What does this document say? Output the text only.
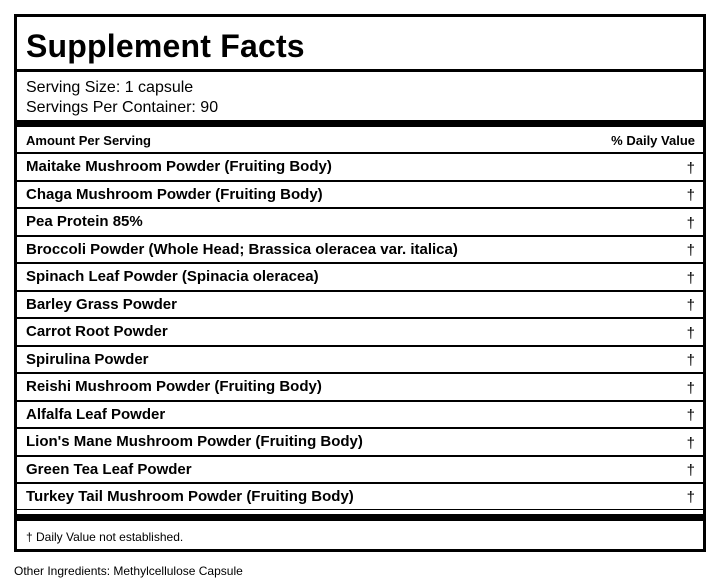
Supplement Facts
Serving Size: 1 capsule
Servings Per Container: 90
Amount Per Serving	% Daily Value
Maitake Mushroom Powder (Fruiting Body)	†
Chaga Mushroom Powder (Fruiting Body)	†
Pea Protein 85%	†
Broccoli Powder (Whole Head; Brassica oleracea var. italica)	†
Spinach Leaf Powder (Spinacia oleracea)	†
Barley Grass Powder	†
Carrot Root Powder	†
Spirulina Powder	†
Reishi Mushroom Powder (Fruiting Body)	†
Alfalfa Leaf Powder	†
Lion's Mane Mushroom Powder (Fruiting Body)	†
Green Tea Leaf Powder	†
Turkey Tail Mushroom Powder (Fruiting Body)	†
† Daily Value not established.
Other Ingredients: Methylcellulose Capsule
